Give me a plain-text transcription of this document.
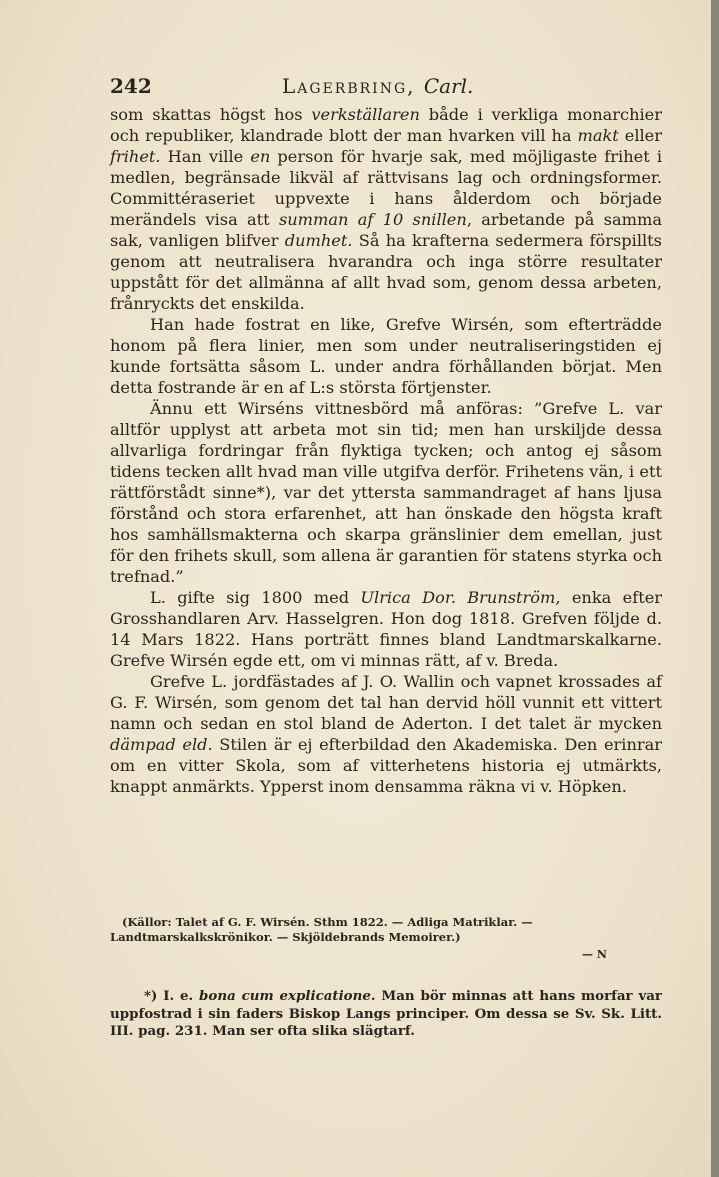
242	Lagerbring, Carl.

som skattas högst hos verkställaren både i verkliga monarchier och republiker, klandrade blott der man hvarken vill ha makt eller frihet. Han ville en person för hvarje sak, med möjligaste frihet i medlen, begränsade likväl af rättvisans lag och ordningsformer. Committéraseriet uppvexte i hans ålderdom och började merändels visa att summan af 10 snillen, arbetande på samma sak, vanligen blifver dumhet. Så ha krafterna sedermera förspillts genom att neutralisera hvarandra och inga större resultater uppstått för det allmänna af allt hvad som, genom dessa arbeten, frånryckts det enskilda.

Han hade fostrat en like, Grefve Wirsén, som efterträdde honom på flera linier, men som under neutraliseringstiden ej kunde fortsätta såsom L. under andra förhållanden börjat. Men detta fostrande är en af L:s största förtjenster.

Ännu ett Wirséns vittnesbörd må anföras: ”Grefve L. var alltför upplyst att arbeta mot sin tid; men han urskiljde dessa allvarliga fordringar från flyktiga tycken; och antog ej såsom tidens tecken allt hvad man ville utgifva derför. Frihetens vän, i ett rättförstådt sinne*), var det yttersta sammandraget af hans ljusa förstånd och stora erfarenhet, att han önskade den högsta kraft hos samhällsmakterna och skarpa gränslinier dem emellan, just för den frihets skull, som allena är garantien för statens styrka och trefnad.”

L. gifte sig 1800 med Ulrica Dor. Brunström, enka efter Grosshandlaren Arv. Hasselgren. Hon dog 1818. Grefven följde d. 14 Mars 1822. Hans porträtt finnes bland Landtmarskalkarne. Grefve Wirsén egde ett, om vi minnas rätt, af v. Breda.

Grefve L. jordfästades af J. O. Wallin och vapnet krossades af G. F. Wirsén, som genom det tal han dervid höll vunnit ett vittert namn och sedan en stol bland de Aderton. I det talet är mycken dämpad eld. Stilen är ej efterbildad den Akademiska. Den erinrar om en vitter Skola, som af vitterhetens historia ej utmärkts, knappt anmärkts. Ypperst inom densamma räkna vi v. Höpken.

(Källor: Talet af G. F. Wirsén. Sthm 1822. — Adliga Matriklar. — Landtmarskalkskrönikor. — Skjöldebrands Memoirer.)
— N
*) I. e. bona cum explicatione. Man bör minnas att hans morfar var uppfostrad i sin faders Biskop Langs principer. Om dessa se Sv. Sk. Litt. III. pag. 231. Man ser ofta slika slägtarf.
